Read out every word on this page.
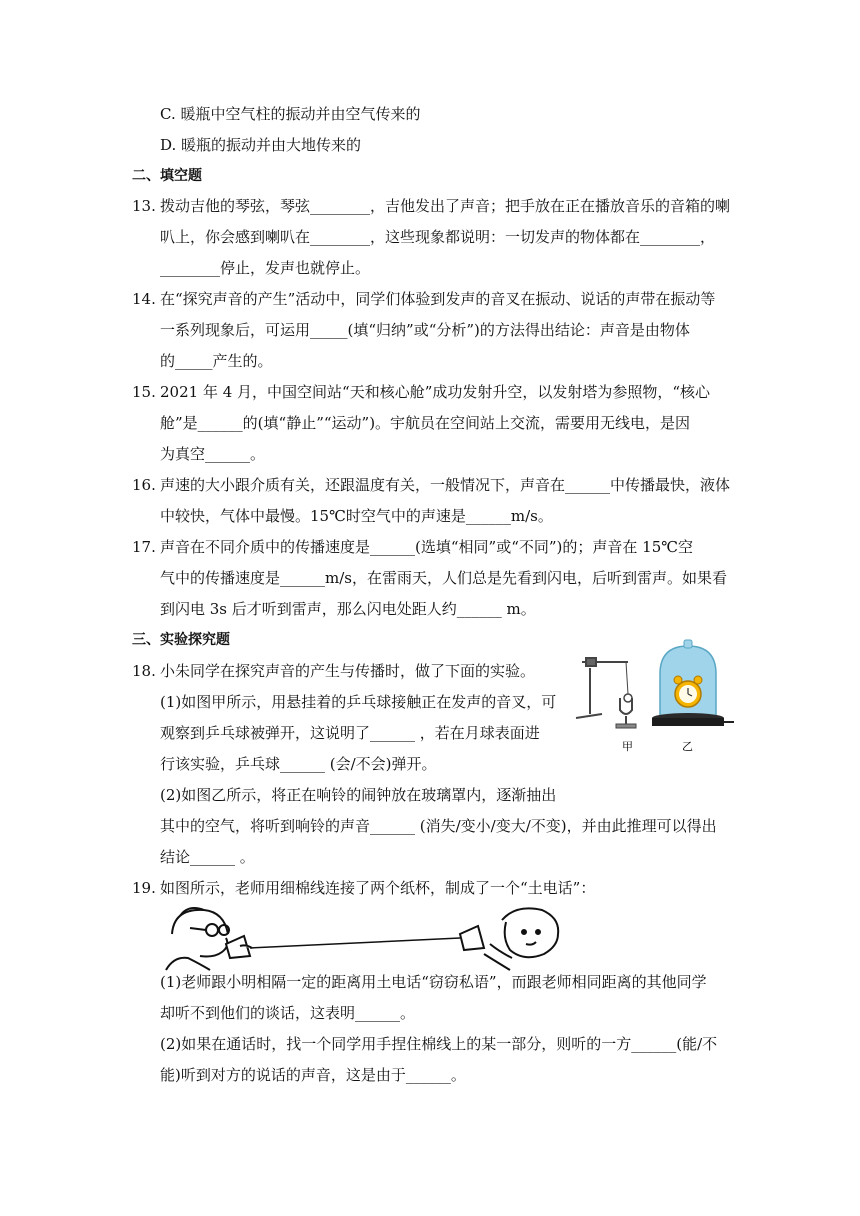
C. 暖瓶中空气柱的振动并由空气传来的
D. 暖瓶的振动并由大地传来的
二、填空题
13. 拨动吉他的琴弦，琴弦________，吉他发出了声音；把手放在正在播放音乐的音箱的喇
叭上，你会感到喇叭在________，这些现象都说明：一切发声的物体都在________，
________停止，发声也就停止。
14. 在“探究声音的产生”活动中，同学们体验到发声的音叉在振动、说话的声带在振动等
一系列现象后，可运用_____(填“归纳”或“分析”)的方法得出结论：声音是由物体
的_____产生的。
15. 2021 年 4 月，中国空间站“天和核心舱”成功发射升空，以发射塔为参照物，“核心
舱”是______的(填“静止”“运动”)。宇航员在空间站上交流，需要用无线电，是因
为真空______。
16. 声速的大小跟介质有关，还跟温度有关，一般情况下，声音在______中传播最快，液体
中较快，气体中最慢。15℃时空气中的声速是______m/s。
17. 声音在不同介质中的传播速度是______(选填“相同”或“不同”)的；声音在 15℃空
气中的传播速度是______m/s，在雷雨天，人们总是先看到闪电，后听到雷声。如果看
到闪电 3s 后才听到雷声，那么闪电处距人约______ m。
三、实验探究题
18. 小朱同学在探究声音的产生与传播时，做了下面的实验。
(1)如图甲所示，用悬挂着的乒乓球接触正在发声的音叉，可
观察到乒乓球被弹开，这说明了______ ，若在月球表面进
行该实验，乒乓球______ (会/不会)弹开。
(2)如图乙所示，将正在响铃的闹钟放在玻璃罩内，逐渐抽出
其中的空气，将听到响铃的声音______ (消失/变小/变大/不变)，并由此推理可以得出
结论______ 。
甲	乙
19. 如图所示，老师用细棉线连接了两个纸杯，制成了一个“土电话”：
(1)老师跟小明相隔一定的距离用土电话“窃窃私语”，而跟老师相同距离的其他同学
却听不到他们的谈话，这表明______。
(2)如果在通话时，找一个同学用手捏住棉线上的某一部分，则听的一方______(能/不
能)听到对方的说话的声音，这是由于______。
